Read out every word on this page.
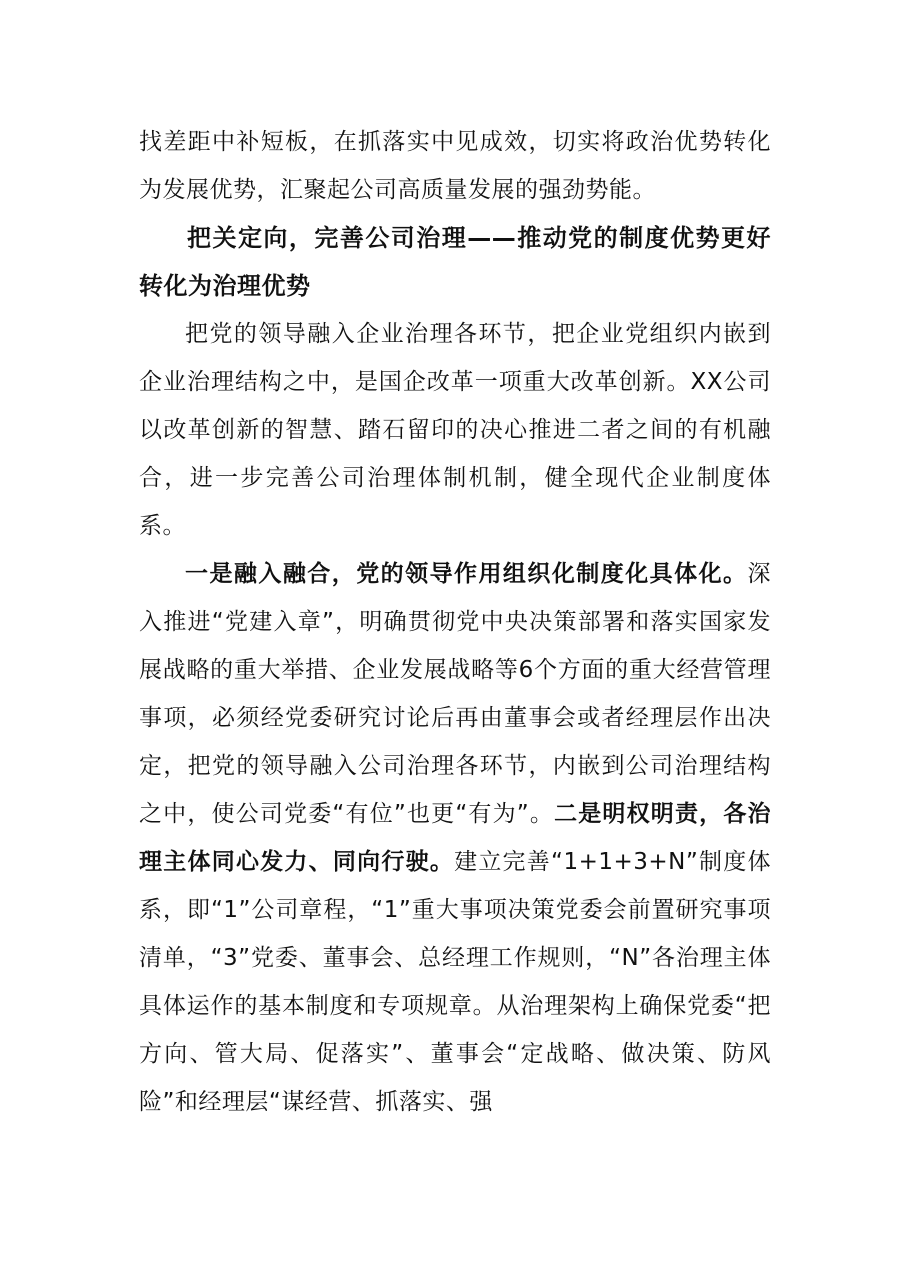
找差距中补短板，在抓落实中见成效，切实将政治优势转化为发展优势，汇聚起公司高质量发展的强劲势能。

把关定向，完善公司治理——推动党的制度优势更好转化为治理优势

把党的领导融入企业治理各环节，把企业党组织内嵌到企业治理结构之中，是国企改革一项重大改革创新。XX公司以改革创新的智慧、踏石留印的决心推进二者之间的有机融合，进一步完善公司治理体制机制，健全现代企业制度体系。

一是融入融合，党的领导作用组织化制度化具体化。深入推进“党建入章”，明确贯彻党中央决策部署和落实国家发展战略的重大举措、企业发展战略等6个方面的重大经营管理事项，必须经党委研究讨论后再由董事会或者经理层作出决定，把党的领导融入公司治理各环节，内嵌到公司治理结构之中，使公司党委“有位”也更“有为”。二是明权明责，各治理主体同心发力、同向行驶。建立完善“1+1+3+N”制度体系，即“1”公司章程，“1”重大事项决策党委会前置研究事项清单，“3”党委、董事会、总经理工作规则，“N”各治理主体具体运作的基本制度和专项规章。从治理架构上确保党委“把方向、管大局、促落实”、董事会“定战略、做决策、防风险”和经理层“谋经营、抓落实、强
